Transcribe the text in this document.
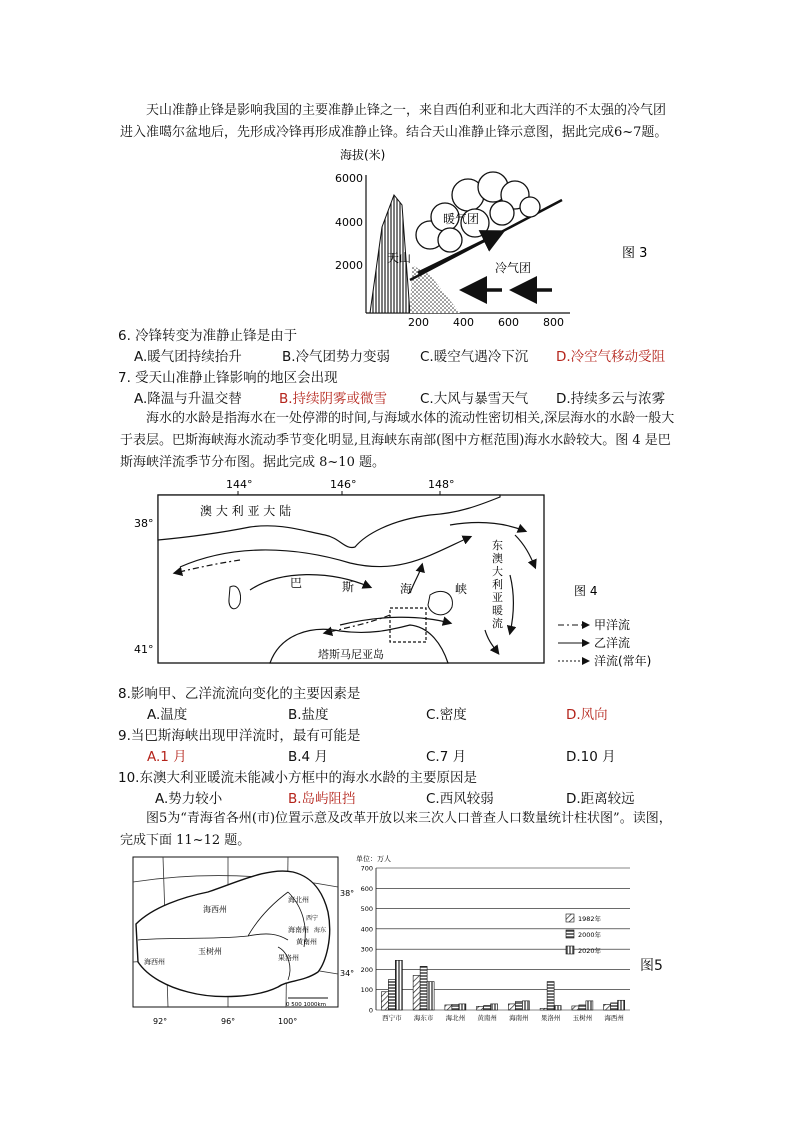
天山准静止锋是影响我国的主要准静止锋之一，来自西伯利亚和北大西洋的不太强的冷气团进入准噶尔盆地后，先形成冷锋再形成准静止锋。结合天山准静止锋示意图，据此完成6~7题。
海拔(米)
6000
4000
2000
天山
暖气团
冷气团
200 400 600 800
图 3
6. 冷锋转变为准静止锋是由于
A.暖气团持续抬升	B.冷气团势力变弱 C.暖空气遇冷下沉 D.冷空气移动受阻
7. 受天山准静止锋影响的地区会出现
A.降温与升温交替	B.持续阴雾或微雪 C.大风与暴雪天气 D.持续多云与浓雾
海水的水龄是指海水在一处停滞的时间,与海域水体的流动性密切相关,深层海水的水龄一般大于表层。巴斯海峡海水流动季节变化明显,且海峡东南部(图中方框范围)海水水龄较大。图 4 是巴斯海峡洋流季节分布图。据此完成 8~10 题。
144°	146°	148°
38°
41°
澳 大 利 亚 大 陆
塔斯马尼亚岛
巴	斯	海	峡
东
澳
大
利
亚
暖
流
图 4
甲洋流
乙洋流
洋流(常年)
8.影响甲、乙洋流流向变化的主要因素是
A.温度	B.盐度	C.密度	D.风向
9.当巴斯海峡出现甲洋流时，最有可能是
A.1 月	B.4 月	C.7 月	D.10 月
10.东澳大利亚暖流未能减小方框中的海水水龄的主要原因是
A.势力较小	B.岛屿阻挡	C.西风较弱	D.距离较远
图5为“青海省各州(市)位置示意及改革开放以来三次人口普查人口数量统计柱状图”。读图，完成下面 11~12 题。
海西州
海北州
西宁
海东
玉树州
海南州
黄南州
果洛州
海西州
38°
34°
92°	96°	100°
0 500 1000km
单位：万人
700
600
500
400
300
200
100
0
西宁市 海东市 海北州 黄南州 海南州 果洛州 玉树州 海西州
1982年
2000年
2020年
图5
